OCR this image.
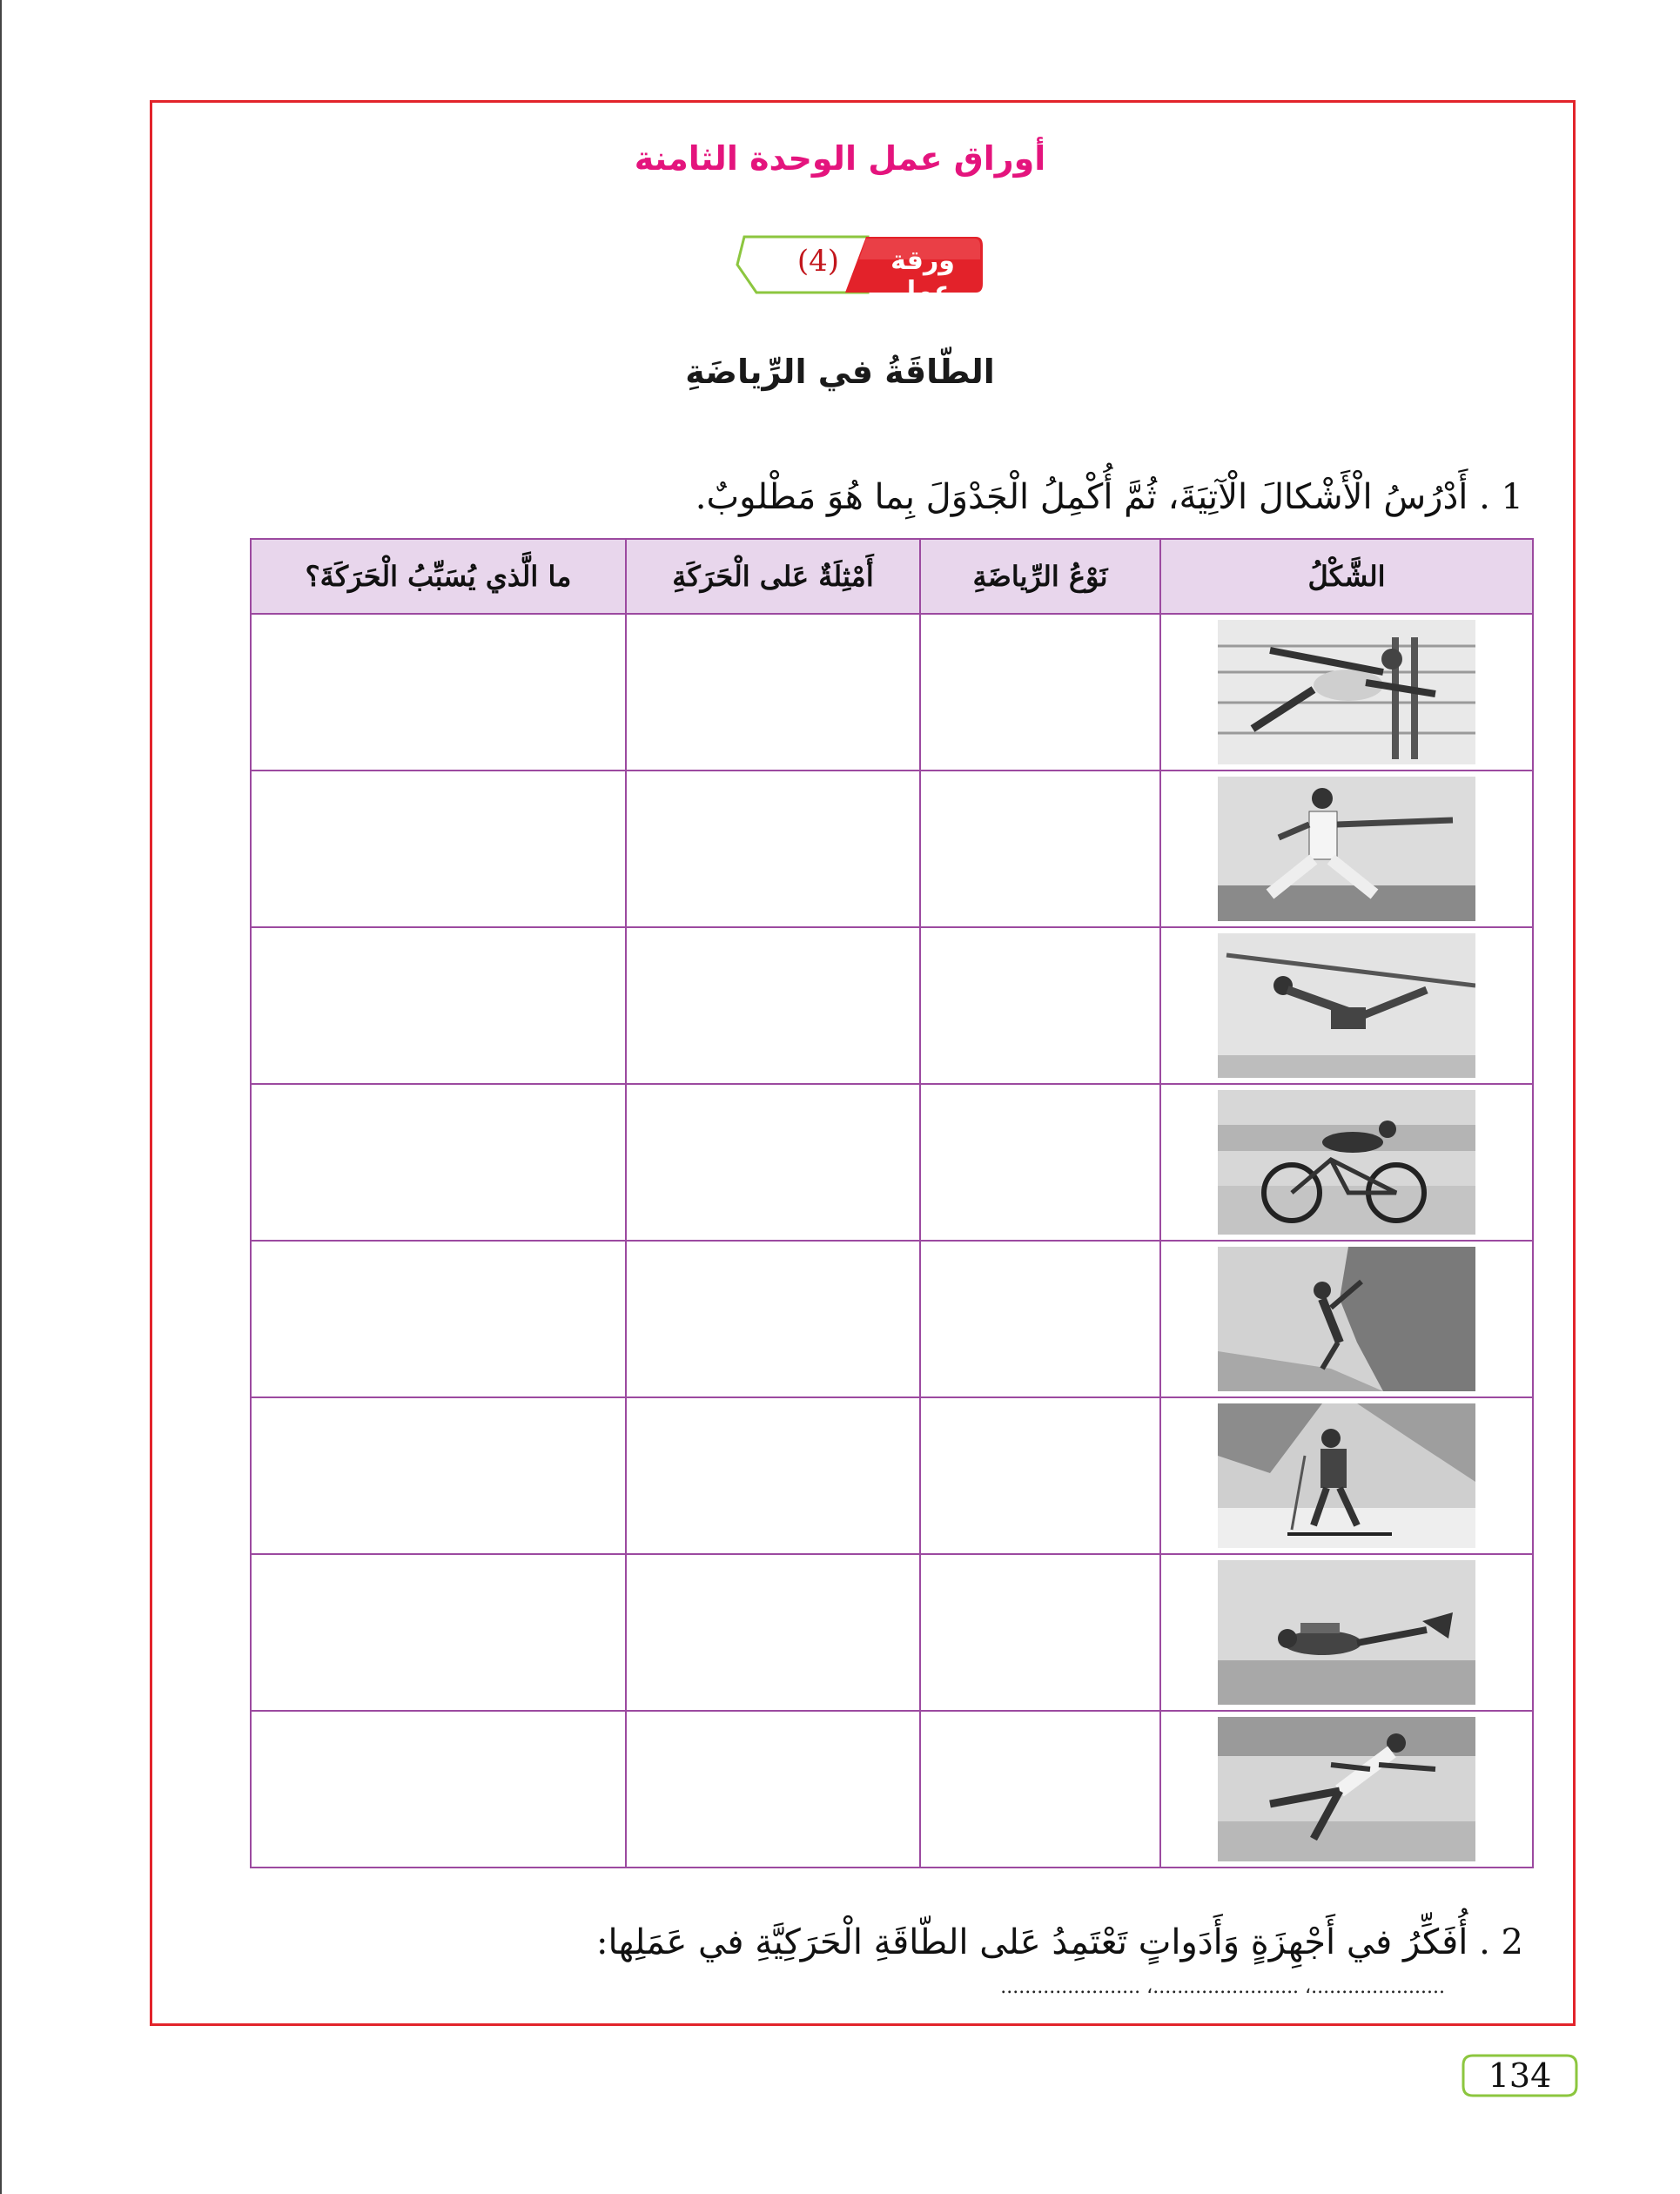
أوراق عمل الوحدة الثامنة
(4)	ورقة عمل
الطّاقَةُ في الرِّياضَةِ
1 . أَدْرُسُ الْأَشْكالَ الْآتِيَةَ، ثُمَّ أُكْمِلُ الْجَدْوَلَ بِما هُوَ مَطْلوبٌ.
الشَّكْلُ	نَوْعُ الرِّياضَةِ	أَمْثِلَةٌ عَلى الْحَرَكَةِ	ما الَّذي يُسَبِّبُ الْحَرَكَةَ؟

2 . أُفَكِّرُ في أَجْهِزَةٍ وَأَدَواتٍ تَعْتَمِدُ عَلى الطّاقَةِ الْحَرَكِيَّةِ في عَمَلِها:
......................، ........................، .......................
134
